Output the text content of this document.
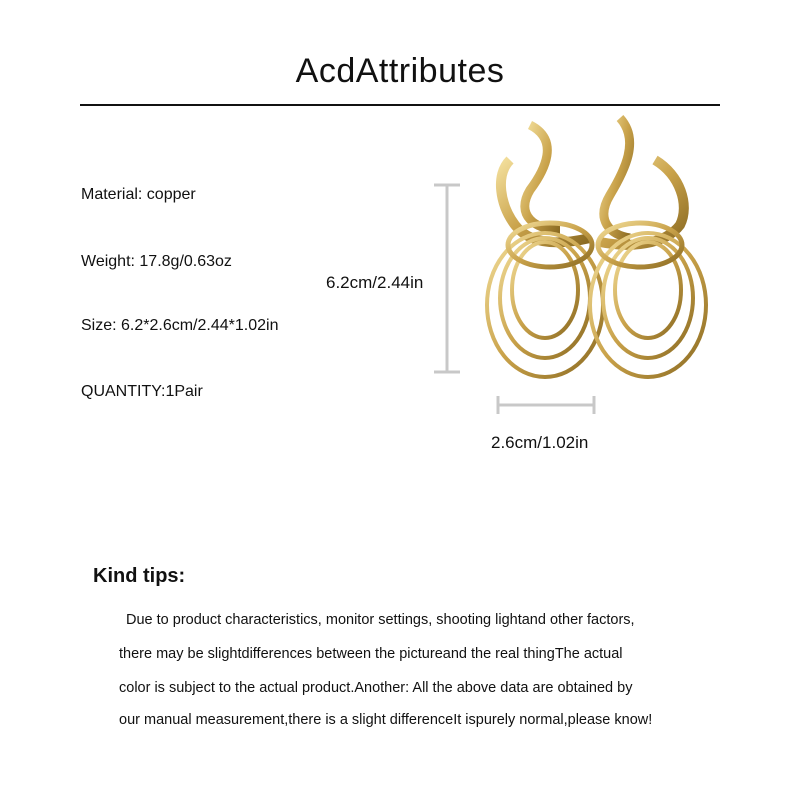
AcdAttributes
Material: copper
Weight: 17.8g/0.63oz
Size: 6.2*2.6cm/2.44*1.02in
QUANTITY:1Pair
6.2cm/2.44in
2.6cm/1.02in
Kind tips:
Due to product characteristics, monitor settings, shooting lightand other factors,
there may be slightdifferences between the pictureand the real thingThe actual
color is subject to the actual product.Another: All the above data are obtained by
our manual measurement,there is a slight differenceIt ispurely normal,please know!
